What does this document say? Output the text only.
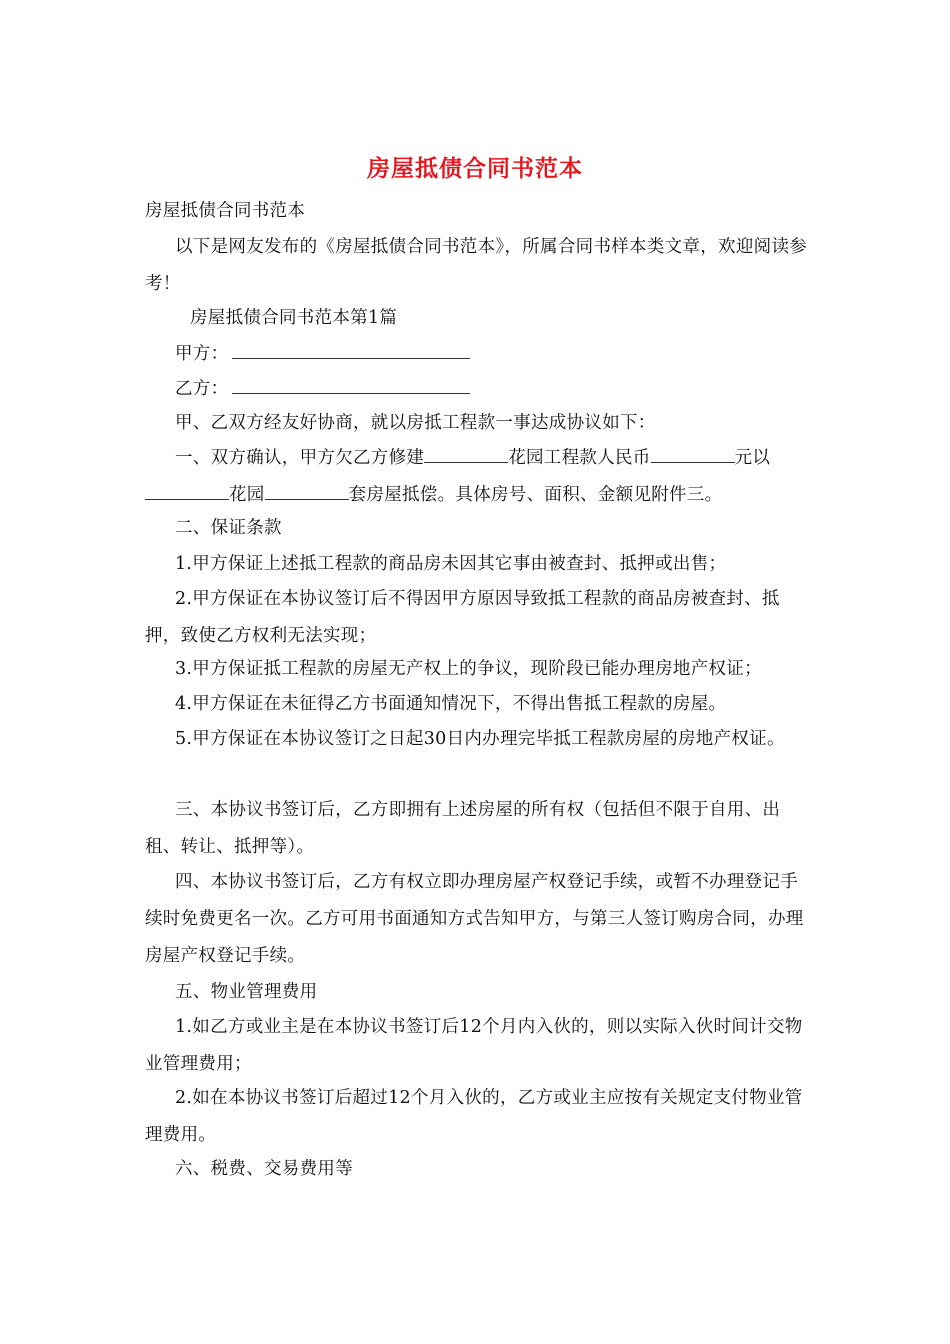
房屋抵债合同书范本
房屋抵债合同书范本
以下是网友发布的《房屋抵债合同书范本》，所属合同书样本类文章，欢迎阅读参考！
房屋抵债合同书范本第1篇
甲方：
乙方：
甲、乙双方经友好协商，就以房抵工程款一事达成协议如下：
一、双方确认，甲方欠乙方修建	花园工程款人民币	元以花园	套房屋抵偿。具体房号、面积、金额见附件三。
二、保证条款
1.甲方保证上述抵工程款的商品房未因其它事由被查封、抵押或出售；
2.甲方保证在本协议签订后不得因甲方原因导致抵工程款的商品房被查封、抵押，致使乙方权利无法实现；
3.甲方保证抵工程款的房屋无产权上的争议，现阶段已能办理房地产权证；
4.甲方保证在未征得乙方书面通知情况下，不得出售抵工程款的房屋。
5.甲方保证在本协议签订之日起30日内办理完毕抵工程款房屋的房地产权证。
三、本协议书签订后，乙方即拥有上述房屋的所有权（包括但不限于自用、出租、转让、抵押等）。
四、本协议书签订后，乙方有权立即办理房屋产权登记手续，或暂不办理登记手续时免费更名一次。乙方可用书面通知方式告知甲方，与第三人签订购房合同，办理房屋产权登记手续。
五、物业管理费用
1.如乙方或业主是在本协议书签订后12个月内入伙的，则以实际入伙时间计交物业管理费用；
2.如在本协议书签订后超过12个月入伙的，乙方或业主应按有关规定支付物业管理费用。
六、税费、交易费用等
